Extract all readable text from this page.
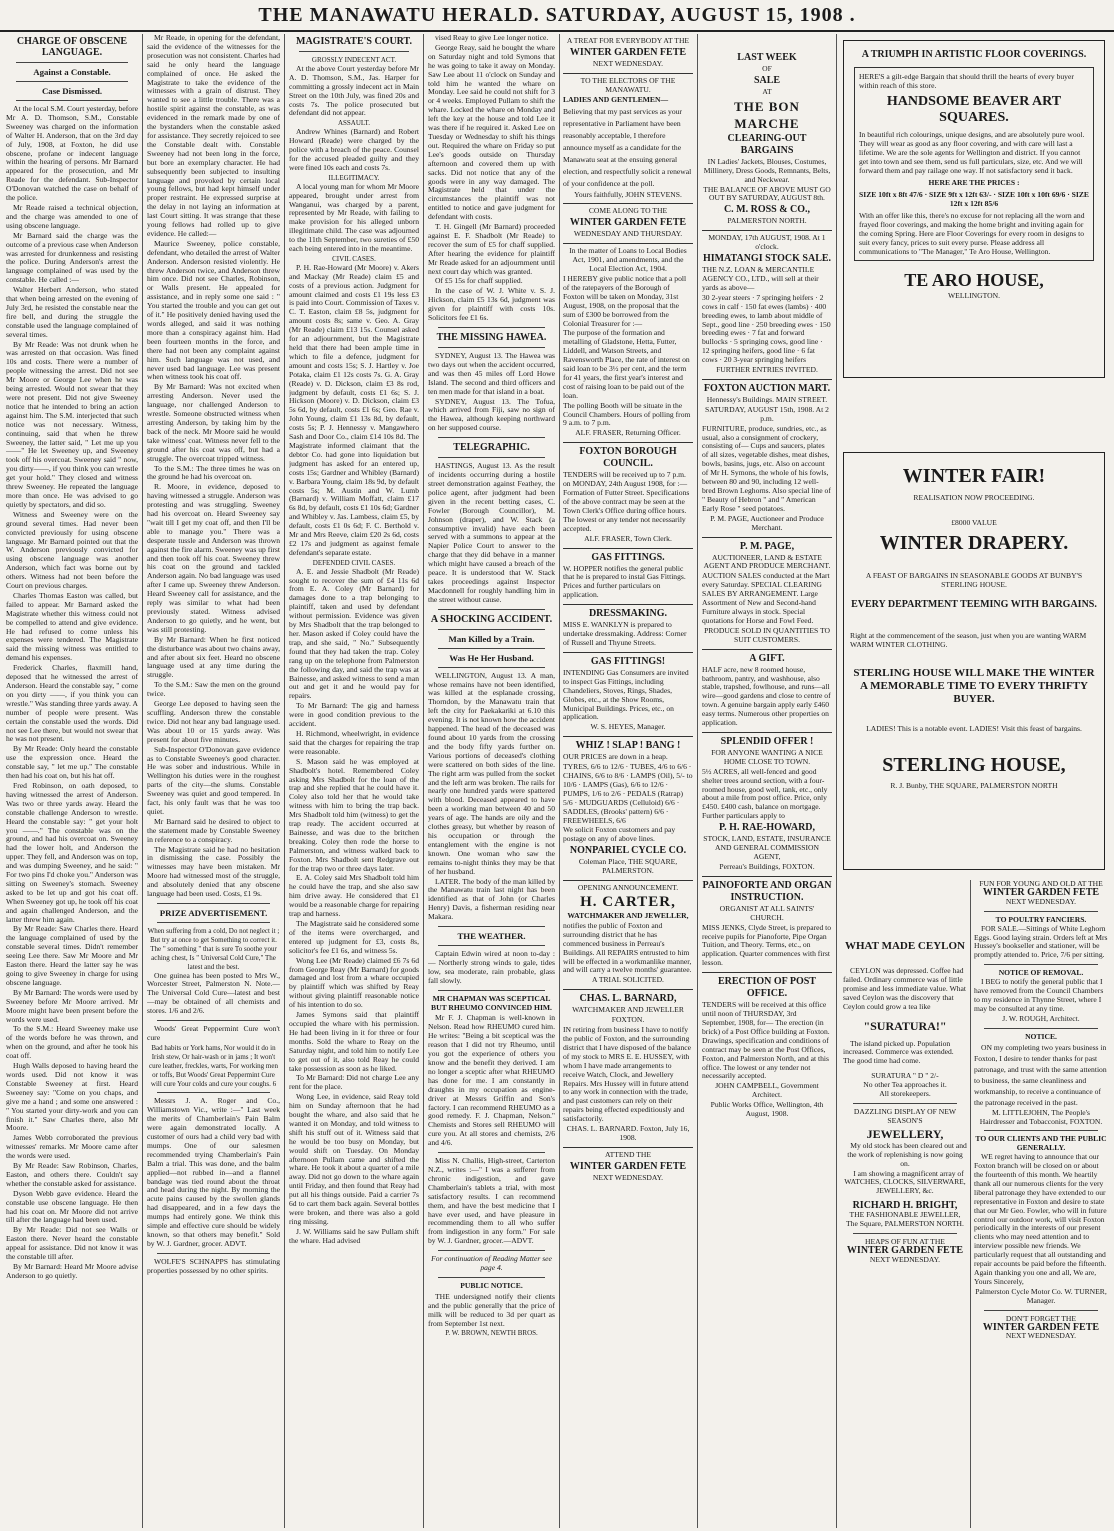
THE MANAWATU HERALD. SATURDAY, AUGUST 15, 1908 .
CHARGE OF OBSCENE LANGUAGE.
Against a Constable.
Case Dismissed.

At the local S.M. Court yesterday, before Mr A. D. Thomson, S.M., Constable Sweeney was charged on the information of Walter H. Anderson, that on the 3rd day of July, 1908, at Foxton, he did use obscene, profane or indecent language within the hearing of persons. Mr Barnard appeared for the prosecution, and Mr Reade for the defendant. Sub-Inspector O'Donovan watched the case on behalf of the police.

Mr Reade raised a technical objection, and the charge was amended to one of using obscene language.

Mr Barnard said the charge was the outcome of a previous case when Anderson was arrested for drunkenness and resisting the police. During Anderson's arrest the language complained of was used by the constable. He called :—

Walter Herbert Anderson, who stated that when being arrested on the evening of July 3rd, he resisted the constable near the fire bell, and during the struggle the constable used the language complained of several times.

By Mr Reade: Was not drunk when he was arrested on that occasion. Was fined 10s and costs. There were a number of people witnessing the arrest. Did not see Mr Moore or George Lee when he was being arrested. Would not swear that they were not present. Did not give Sweeney notice that he intended to bring an action against him. The S.M. interjected that such notice was not necessary. Witness, continuing, said that when he threw Sweeney, the latter said, " Let me up you ——" He let Sweeney up, and Sweeney took off his overcoat. Sweeney said " now, you dirty——, if you think you can wrestle get your hold." They closed and witness threw Sweeney. He repeated the language more than once. He was advised to go quietly by spectators, and did so.

Witness and Sweeney were on the ground several times. Had never been convicted previously for using obscene language. Mr Barnard pointed out that the W. Anderson previously convicted for using obscene language was another Anderson, which fact was borne out by others. Witness had not been before the Court on previous charges.

Charles Thomas Easton was called, but failed to appear. Mr Barnard asked the Magistrate whether this witness could not be compelled to attend and give evidence. He had refused to come unless his expenses were tendered. The Magistrate said the missing witness was entitled to demand his expenses.

Frederick Charles, flaxmill hand, deposed that he witnessed the arrest of Anderson. Heard the constable say, " come on you dirty ——, if you think you can wrestle." Was standing three yards away. A number of people were present. Was certain the constable used the words. Did not see Lee there, but would not swear that he was not present.

By Mr Reade: Only heard the constable use the expression once. Heard the constable say, " let me up." The constable then had his coat on, but his hat off.

Fred Robinson, on oath deposed, to having witnessed the arrest of Anderson. Was two or three yards away. Heard the constable challenge Anderson to wrestle. Heard the constable say: " get your holt you ——." The constable was on the ground, and had his overcoat on. Sweeney had the lower holt, and Anderson the upper. They fell, and Anderson was on top, and was dumping Sweeney, and he said: " For two pins I'd choke you." Anderson was sitting on Sweeney's stomach. Sweeney asked to be let up and got his coat off. When Sweeney got up, he took off his coat and again challenged Anderson, and the latter threw him again.

By Mr Reade: Saw Charles there. Heard the language complained of used by the constable several times. Didn't remember seeing Lee there. Saw Mr Moore and Mr Easton there. Heard the latter say he was going to give Sweeney in charge for using obscene language.

By Mr Barnard: The words were used by Sweeney before Mr Moore arrived. Mr Moore might have been present before the words were used.

To the S.M.: Heard Sweeney make use of the words before he was thrown, and when on the ground, and after he took his coat off.

Hugh Walls deposed to having heard the words used. Did not know it was Constable Sweeney at first. Heard Sweeney say: "Come on you chaps, and give me a hand ; and some one answered : " You started your dirty-work and you can finish it." Saw Charles there, also Mr Moore.

James Webb corroborated the previous witnesses' remarks. Mr Moore came after the words were used.

By Mr Reade: Saw Robinson, Charles, Easton, and others there. Couldn't say whether the constable asked for assistance.

Dyson Webb gave evidence. Heard the constable use obscene language. He then had his coat on. Mr Moore did not arrive till after the language had been used.

By Mr Reade: Did not see Walls or Easton there. Never heard the constable appeal for assistance. Did not know it was the constable till after.

By Mr Barnard: Heard Mr Moore advise Anderson to go quietly.

Mr Reade, in opening for the defendant, said the evidence of the witnesses for the prosecution was not consistent. Charles had said he only heard the language complained of once. He asked the Magistrate to take the evidence of the witnesses with a grain of distrust. They wanted to see a little trouble. There was a hostile spirit against the constable, as was evidenced in the remark made by one of the bystanders when the constable asked for assistance. They secretly rejoiced to see the Constable dealt with. Constable Sweeney had not been long in the force, but bore an exemplary character. He had subsequently been subjected to insulting language and provoked by certain local young fellows, but had kept himself under proper restraint. He expressed surprise at the delay in not laying an information at last Court sitting. It was strange that these young fellows had rolled up to give evidence. He called:—

Maurice Sweeney, police constable, defendant, who detailed the arrest of Walter Anderson. Anderson resisted violently. He threw Anderson twice, and Anderson threw him once. Did not see Charles, Robinson, or Walls present. He appealed for assistance, and in reply some one said : " You started the trouble and you can get out of it." He positively denied having used the words alleged, and said it was nothing more than a conspiracy against him. Had been fourteen months in the force, and there had not been any complaint against him. Such language was not used, and never used bad language. Lee was present when witness took his coat off.

By Mr Barnard: Was not excited when arresting Anderson. Never used the language, nor challenged Anderson to wrestle. Someone obstructed witness when arresting Anderson, by taking him by the back of the neck. Mr Moore said he would take witness' coat. Witness never fell to the ground after his coat was off, but had a struggle. The overcoat tripped witness.

To the S.M.: The three times he was on the ground he had his overcoat on.

R. Moore, in evidence, deposed to having witnessed a struggle. Anderson was protesting and was struggling. Sweeney had his overcoat on. Heard Sweeney say "wait till I get my coat off, and then I'll be able to manage you." There was a desperate tussle and Anderson was thrown against the fire alarm. Sweeney was up first and then took off his coat. Sweeney threw his coat on the ground and tackled Anderson again. No bad language was used after I came up. Sweeney threw Anderson. Heard Sweeney call for assistance, and the reply was similar to what had been previously stated. Witness advised Anderson to go quietly, and he went, but was still protesting.

By Mr Barnard: When he first noticed the disturbance was about two chains away, and after about six feet. Heard no obscene language used at any time during the struggle.

To the S.M.: Saw the men on the ground twice.

George Lee deposed to having seen the scuffling. Anderson threw the constable twice. Did not hear any bad language used. Was about 10 or 15 yards away. Was present for about five minutes.

Sub-Inspector O'Donovan gave evidence as to Constable Sweeney's good character. He was sober and industrious. While in Wellington his duties were in the roughest parts of the city—the slums. Constable Sweeney was quiet and good tempered. In fact, his only fault was that he was too quiet.

Mr Barnard said he desired to object to the statement made by Constable Sweeney in reference to a conspiracy.

The Magistrate said he had no hesitation in dismissing the case. Possibly the witnesses may have been mistaken. Mr Moore had witnessed most of the struggle, and absolutely denied that any obscene language had been used. Costs, £1 9s.

PRIZE ADVERTISEMENT.
When suffering from a cold, Do not neglect it ; But try at once to get Something to correct it. The " something " that is sure To soothe your aching chest, Is " Universal Cold Cure," The latest and the best.

One guinea has been posted to Mrs W., Worcester Street, Palmerston N. Note.—The Universal Cold Cure—latest and best—may be obtained of all chemists and stores. 1/6 and 2/6.

Woods' Great Peppermint Cure won't cure

Bad habits or York hams, Nor would it do in Irish stew, Or hair-wash or in jams ; It won't cure leather, freckles, warts, For working men or toffs, But Woods' Great Peppermint Cure will cure Your colds and cure your coughs. 6

Messrs J. A. Roger and Co., Williamstown Vic., write :—" Last week the merits of Chamberlain's Pain Balm were again demonstrated locally. A customer of ours had a child very bad with mumps. One of our salesmen recommended trying Chamberlain's Pain Balm a trial. This was done, and the balm applied—not rubbed in—and a flannel bandage was tied round about the throat and head during the night. By morning the acute pains caused by the swollen glands had disappeared, and in a few days the mumps had entirely gone. We think this simple and effective cure should be widely known, so that others may benefit." Sold by W. J. Gardner, grocer. ADVT.

WOLFE'S SCHNAPPS has stimulating properties possessed by no other spirits.

MAGISTRATE'S COURT.
GROSSLY INDECENT ACT.

At the above Court yesterday before Mr A. D. Thomson, S.M., Jas. Harper for committing a grossly indecent act in Main Street on the 10th July, was fined 20s and costs 7s. The police prosecuted but defendant did not appear.

ASSAULT.

Andrew Whines (Barnard) and Robert Howard (Reade) were charged by the police with a breach of the peace. Counsel for the accused pleaded guilty and they were fined 10s each and costs 7s.

ILLEGITIMACY.

A local young man for whom Mr Moore appeared, brought under arrest from Wanganui, was charged by a parent, represented by Mr Reade, with failing to make provision for his alleged unborn illegitimate child. The case was adjourned to the 11th September, two sureties of £50 each being entered into in the meantime.

CIVIL CASES.

P. H. Rae-Howard (Mr Moore) v. Akers and Mackay (Mr Reade) claim £5 and costs of a previous action. Judgment for amount claimed and costs £1 19s less £3 is paid into Court. Commission of Taxes v. C. T. Easton, claim £8 5s, judgment for amount costs 8s; same v. Geo. A. Gray (Mr Reade) claim £13 15s. Counsel asked for an adjournment, but the Magistrate held that there had been ample time in which to file a defence, judgment for amount and costs 15s; S. J. Hartley v. Joe Potaka, claim £1 12s costs 7s. G. A. Gray (Reade) v. D. Dickson, claim £3 8s rod, judgment by default, costs £1 6s; S. J. Hickson (Moore) v. D. Dickson, claim £3 5s 6d, by default, costs £1 6s; Geo. Rae v. John Young, claim £1 13s 8d, by default, costs 5s; P. J. Hennessy v. Mangawhero Sash and Door Co., claim £14 10s 8d. The Magistrate informed claimant that the debtor Co. had gone into liquidation but judgment has asked for an entered up, costs 15s; Gardner and Whibley (Barnard) v. Barbara Young, claim 18s 9d, by default costs 5s; M. Austin and W. Lumb (Barnard) v. William Moffatt, claim £17 6s 8d, by default, costs £1 10s 6d; Gardner and Whibley v. Jas. Lambess, claim £5, by default, costs £1 0s 6d; F. C. Berthold v. Mr and Mrs Reeve, claim £20 2s 6d, costs £2 17s and judgment as against female defendant's separate estate.

DEFENDED CIVIL CASES.

A. E. and Jessie Shadbolt (Mr Reade) sought to recover the sum of £4 11s 6d from E. A. Coley (Mr Barnard) for damages done to a trap belonging to plaintiff, taken and used by defendant without permission. Evidence was given by Mrs Shadbolt that the trap belonged to her. Mason asked if Coley could have the trap, and she said, " No." Subsequently found that they had taken the trap. Coley rang up on the telephone from Palmerston the following day, and said the trap was at Bainesse, and asked witness to send a man out and get it and he would pay for repairs.

To Mr Barnard: The gig and harness were in good condition previous to the accident.

H. Richmond, wheelwright, in evidence said that the charges for repairing the trap were reasonable.

S. Mason said he was employed at Shadbolt's hotel. Remembered Coley asking Mrs Shadbolt for the loan of the trap and she replied that he could have it. Coley also told her that he would take witness with him to bring the trap back. Mrs Shadbolt told him (witness) to get the trap ready. The accident occurred at Bainesse, and was due to the britchen breaking. Coley then rode the horse to Palmerston, and witness walked back to Foxton. Mrs Shadbolt sent Redgrave out for the trap two or three days later.

E. A. Coley said Mrs Shadbolt told him he could have the trap, and she also saw him drive away. He considered that £1 would be a reasonable charge for repairing trap and harness.

The Magistrate said he considered some of the items were overcharged, and entered up judgment for £3, costs 8s, solicitor's fee £1 6s, and witness 5s.

Wong Lee (Mr Reade) claimed £6 7s 6d from George Reay (Mr Barnard) for goods damaged and lost from a whare occupied by plaintiff which was shifted by Reay without giving plaintiff reasonable notice of his intention to do so.

James Symons said that plaintiff occupied the whare with his permission. He had been living in it for three or four months. Sold the whare to Reay on the Saturday night, and told him to notify Lee to get out of it, also told Reay he could take possession as soon as he liked.

To Mr Barnard: Did not charge Lee any rent for the place.

Wong Lee, in evidence, said Reay told him on Sunday afternoon that he had bought the whare, and also said that he wanted it on Monday, and told witness to shift his stuff out of it. Witness said that he would be too busy on Monday, but would shift on Tuesday. On Monday afternoon Pullam came and shifted the whare. He took it about a quarter of a mile away. Did not go down to the whare again until Friday, and then found that Reay had put all his things outside. Paid a carrier 7s 6d to cart them back again. Several bottles were broken, and there was also a gold ring missing.

J. W. Williams said he saw Pullam shift the whare. Had advised

vised Reay to give Lee longer notice.

George Reay, said he bought the whare on Saturday night and told Symons that he was going to take it away on Monday. Saw Lee about 11 o'clock on Sunday and told him he wanted the whare on Monday. Lee said he could not shift for 3 or 4 weeks. Employed Pullam to shift the whare. Locked the whare on Monday and left the key at the house and told Lee it was there if he required it. Asked Lee on Tuesday or Wednesday to shift his things out. Required the whare on Friday so put Lee's goods outside on Thursday afternoon and covered them up with sacks. Did not notice that any of the goods were in any way damaged. The Magistrate held that under the circumstances the plaintiff was not entitled to notice and gave judgment for defendant with costs.

T. H. Gingell (Mr Barnard) proceeded against E. F. Shadbolt (Mr Reade) to recover the sum of £5 for chaff supplied. After hearing the evidence for plaintiff Mr Reade asked for an adjournment until next court day which was granted.

Of £5 15s for chaff supplied.

In the case of W. J. White v. S. J. Hickson, claim £5 13s 6d, judgment was given for plaintiff with costs 10s. Solicitors fee £1 6s.

THE MISSING HAWEA.

SYDNEY, August 13. The Hawea was two days out when the accident occurred, and was then 45 miles off Lord Howe Island. The second and third officers and ten men made for that island in a boat.

SYDNEY, August 13. The Tofua, which arrived from Fiji, saw no sign of the Hawea, although keeping northward on her supposed course.

TELEGRAPHIC.

HASTINGS, August 13. As the result of incidents occurring during a hostile street demonstration against Feathey, the police agent, after judgment had been given in the recent betting cases, C. Fowler (Borough Councillor), M. Johnson (draper), and W. Stack (a consumptive invalid) have each been served with a summons to appear at the Napier Police Court to answer to the charge that they did behave in a manner which might have caused a breach of the peace. It is understood that W. Stack takes proceedings against Inspector Macdonnell for roughly handling him in the street without cause.

A SHOCKING ACCIDENT.
Man Killed by a Train.
Was He Her Husband.

WELLINGTON, August 13. A man, whose remains have not been identified, was killed at the esplanade crossing, Thorndon, by the Manawatu train that left the city for Paekakariki at 6.10 this evening. It is not known how the accident happened. The head of the deceased was found about 10 yards from the crossing and the body fifty yards further on. Various portions of deceased's clothing were scattered on both sides of the line. The right arm was pulled from the socket and the left arm was broken. The rails for nearly one hundred yards were spattered with blood. Deceased appeared to have been a working man between 40 and 50 years of age. The hands are oily and the clothes greasy, but whether by reason of his occupation or through the entanglement with the engine is not known. One woman who saw the remains to-night thinks they may be that of her husband.

LATER. The body of the man killed by the Manawatu train last night has been identified as that of John (or Charles Henry) Davis, a fisherman residing near Makara.

THE WEATHER.

Captain Edwin wired at noon to-day :— Northerly strong winds to gale, tides low, sea moderate, rain probable, glass fall slowly.

MR CHAPMAN WAS SCEPTICAL BUT RHEUMO CONVINCED HIM.

Mr F. J. Chapman is well-known in Nelson. Read how RHEUMO cured him. He writes: "Being a bit sceptical was the reason that I did not try Rheumo, until you got the experience of others you know and the benefit they derived. I am no longer a sceptic after what RHEUMO has done for me. I am constantly in draughts in my occupation as engine-driver at Messrs Griffin and Son's factory. I can recommend RHEUMO as a good remedy. F. J. Chapman, Nelson." Chemists and Stores sell RHEUMO will cure you. At all stores and chemists, 2/6 and 4/6.

Miss N. Challis, High-street, Carterton N.Z., writes :—" I was a sufferer from chronic indigestion, and gave Chamberlain's tablets a trial, with most satisfactory results. I can recommend them, and have the best medicine that I have ever used, and have pleasure in recommending them to all who suffer from indigestion in any form." For sale by W. J. Gardner, grocer.—ADVT.

For continuation of Reading Matter see page 4.
PUBLIC NOTICE.

THE undersigned notify their clients and the public generally that the price of milk will be reduced to 3d per quart as from September 1st next.

P. W. BROWN, NEWTH BROS.

A TREAT FOR EVERYBODY AT THE

WINTER GARDEN FETE

NEXT WEDNESDAY.

TO THE ELECTORS OF THE MANAWATU.

LADIES AND GENTLEMEN—

Believing that my past services as your representative in Parliament have been reasonably acceptable, I therefore announce myself as a candidate for the Manawatu seat at the ensuing general election, and respectfully solicit a renewal of your confidence at the poll.

Yours faithfully, JOHN STEVENS.

COME ALONG TO THE

WINTER GARDEN FETE

WEDNESDAY AND THURSDAY.

In the matter of Loans to Local Bodies Act, 1901, and amendments, and the Local Election Act, 1904.

I HEREBY give public notice that a poll of the ratepayers of the Borough of Foxton will be taken on Monday, 31st August, 1908, on the proposal that the sum of £300 be borrowed from the Colonial Treasurer for :—

The purpose of the formation and metalling of Gladstone, Hetta, Futter, Liddell, and Watson Streets, and Ravensworth Place, the rate of interest on said loan to be 3½ per cent, and the term for 41 years, the first year's interest and cost of raising loan to be paid out of the loan.

The polling Booth will be situate in the Council Chambers. Hours of polling from 9 a.m. to 7 p.m.

ALF. FRASER, Returning Officer.

FOXTON BOROUGH COUNCIL.

TENDERS will be received up to 7 p.m. on MONDAY, 24th August 1908, for :— Formation of Futter Street. Specifications of the above contract may be seen at the Town Clerk's Office during office hours. The lowest or any tender not necessarily accepted.

ALF. FRASER, Town Clerk.

GAS FITTINGS.

W. HOPPER notifies the general public that he is prepared to instal Gas Fittings. Prices and further particulars on application.

DRESSMAKING.

MISS E. WANKLYN is prepared to undertake dressmaking. Address: Corner of Russell and Thyune Streets.

GAS FITTINGS!

INTENDING Gas Consumers are invited to inspect Gas Fittings, including Chandeliers, Stoves, Rings, Shades, Globes, etc., at the Show Rooms, Municipal Buildings. Prices, etc., on application.

W. S. HEYES, Manager.

WHIZ ! SLAP ! BANG !

OUR PRICES are down in a heap.

TYRES, 6/6 to 12/6 · TUBES, 4/6 to 6/6 · CHAINS, 6/6 to 8/6 · LAMPS (Oil), 5/- to 10/6 · LAMPS (Gas), 6/6 to 12/6 · PUMPS, 1/6 to 2/6 · PEDALS (Ratrap) 5/6 · MUDGUARDS (Celluloid) 6/6 · SADDLES, (Brooks' pattern) 6/6 · FREEWHEELS, 6/6

We solicit Foxton customers and pay postage on any of above lines.

NONPARIEL CYCLE CO.

Coleman Place, THE SQUARE, PALMERSTON.

OPENING ANNOUNCEMENT.

H. CARTER,

WATCHMAKER AND JEWELLER,

notifies the public of Foxton and surrounding district that he has commenced business in Perreau's Buildings. All REPAIRS entrusted to him will be effected in a workmanlike manner, and will carry a twelve months' guarantee.

A TRIAL SOLICITED.

CHAS. L. BARNARD,

WATCHMAKER AND JEWELLER

FOXTON.

IN retiring from business I have to notify the public of Foxton, and the surrounding district that I have disposed of the balance of my stock to MRS E. E. HUSSEY, with whom I have made arrangements to receive Watch, Clock, and Jewellery Repairs. Mrs Hussey will in future attend to any work in connection with the trade, and past customers can rely on their repairs being effected expeditiously and satisfactorily.

CHAS. L. BARNARD. Foxton, July 16, 1908.

ATTEND THE

WINTER GARDEN FETE

NEXT WEDNESDAY.

LAST WEEK

OF

SALE

AT

THE BON MARCHE

CLEARING-OUT BARGAINS

IN Ladies' Jackets, Blouses, Costumes, Millinery, Dress Goods, Remnants, Belts, and Neckwear.

THE BALANCE OF ABOVE MUST GO OUT BY SATURDAY, AUGUST 8th.

C. M. ROSS & CO.,

PALMERSTON NORTH.

MONDAY, 17th AUGUST, 1908. At 1 o'clock.

HIMATANGI STOCK SALE.

THE N.Z. LOAN & MERCANTILE AGENCY CO., LTD., will sell at their yards as above—

30 2-year steers · 7 springing heifers · 2 cows in calf · 150 fat ewes (lambs) · 400 breeding ewes, to lamb about middle of Sept., good line · 250 breeding ewes · 150 breeding ewes · 7 fat and forward bullocks · 5 springing cows, good line · 12 springing heifers, good line · 6 fat cows · 20 3-year springing heifers

FURTHER ENTRIES INVITED.

FOXTON AUCTION MART.

Hennessy's Buildings. MAIN STREET.

SATURDAY, AUGUST 15th, 1908. At 2 p.m.

FURNITURE, produce, sundries, etc., as usual, also a consignment of crockery, consisting of— Cups and saucers, plates of all sizes, vegetable dishes, meat dishes, bowls, basins, jugs, etc. Also on account of Mr H. Symons, the whole of his fowls, between 80 and 90, including 12 well-bred Brown Leghorns. Also special line of " Beauty of Hebron " and " American Early Rose " seed potatoes.

P. M. PAGE, Auctioneer and Produce Merchant.

P. M. PAGE,

AUCTIONEER, LAND & ESTATE AGENT AND PRODUCE MERCHANT.

AUCTION SALES conducted at the Mart every Saturday. SPECIAL CLEARING SALES BY ARRANGEMENT. Large Assortment of New and Second-hand Furniture always in stock. Special quotations for Horse and Fowl Feed.

PRODUCE SOLD IN QUANTITIES TO SUIT CUSTOMERS.

A GIFT.

HALF acre, new 8 roomed house, bathroom, pantry, and washhouse, also stable, trapshed, fowlhouse, and runs—all wire—good gardens and close to centre of town. A genuine bargain apply early £460 easy terms. Numerous other properties on application.

SPLENDID OFFER !

FOR ANYONE WANTING A NICE HOME CLOSE TO TOWN.

5½ ACRES, all well-fenced and good shelter trees around section, with a four-roomed house, good well, tank, etc., only about a mile from post office. Price, only £450. £400 cash, balance on mortgage. Further particulars apply to

P. H. RAE-HOWARD,

STOCK, LAND, ESTATE, INSURANCE AND GENERAL COMMISSION AGENT,

Perreau's Buildings, FOXTON.

PAINOFORTE AND ORGAN INSTRUCTION.

ORGANIST AT ALL SAINTS' CHURCH.

MISS JENKS, Clyde Street, is prepared to receive pupils for Pianoforte, Pipe Organ Tuition, and Theory. Terms, etc., on application. Quarter commences with first lesson.

ERECTION OF POST OFFICE.

TENDERS will be received at this office until noon of THURSDAY, 3rd September, 1908, for— The erection (in brick) of a Post Office building at Foxton. Drawings, specification and conditions of contract may be seen at the Post Offices, Foxton, and Palmerston North, and at this office. The lowest or any tender not necessarily accepted.

JOHN CAMPBELL, Government Architect.

Public Works Office, Wellington, 4th August, 1908.

A TRIUMPH IN ARTISTIC FLOOR COVERINGS.
HERE'S a gilt-edge Bargain that should thrill the hearts of every buyer within reach of this store.
HANDSOME BEAVER ART SQUARES.
In beautiful rich colourings, unique designs, and are absolutely pure wool. They will wear as good as any floor covering, and with care will last a lifetime. We are the sole agents for Wellington and district. If you cannot get into town and see them, send us full particulars, size, etc. And we will forward them and pay railage one way. If not satisfactory send it back.
HERE ARE THE PRICES :
SIZE 10ft x 8ft 47/6 · SIZE 9ft x 12ft 63/- · SIZE 10ft x 10ft 69/6 · SIZE 12ft x 12ft 85/6
With an offer like this, there's no excuse for not replacing all the worn and frayed floor coverings, and making the home bright and inviting again for the coming Spring. Here are Floor Coverings for every room in designs to suit every fancy, prices to suit every purse. Please address all communications to "The Manager," Te Aro House, Wellington.
TE ARO HOUSE,
WELLINGTON.
WINTER FAIR!
REALISATION NOW PROCEEDING.
£8000 VALUE
WINTER DRAPERY.
A FEAST OF BARGAINS IN SEASONABLE GOODS AT BUNBY'S STERLING HOUSE.
EVERY DEPARTMENT TEEMING WITH BARGAINS.
Right at the commencement of the season, just when you are wanting WARM WARM WINTER CLOTHING.
STERLING HOUSE WILL MAKE THE WINTER A MEMORABLE TIME TO EVERY THRIFTY BUYER.
LADIES! This is a notable event. LADIES! Visit this feast of bargains.
STERLING HOUSE,
R. J. Bunby, THE SQUARE, PALMERSTON NORTH
WHAT MADE CEYLON

CEYLON was depressed. Coffee had failed. Ordinary commerce was of little promise and less immediate value. What saved Ceylon was the discovery that Ceylon could grow a tea like

"SURATURA!"

The island picked up. Population increased. Commerce was extended. The good time had come.

SURATURA " D " 2/-
No other Tea approaches it.
All storekeepers.
DAZZLING DISPLAY OF NEW SEASON'S
JEWELLERY,

My old stock has been cleared out and the work of replenishing is now going on.

I am showing a magnificent array of WATCHES, CLOCKS, SILVERWARE, JEWELLERY, &c.

RICHARD H. BRIGHT,
THE FASHIONABLE JEWELLER,
The Square, PALMERSTON NORTH.
HEAPS OF FUN AT THE
WINTER GARDEN FETE
NEXT WEDNESDAY.
FUN FOR YOUNG AND OLD AT THE
WINTER GARDEN FETE
NEXT WEDNESDAY.
TO POULTRY FANCIERS.

FOR SALE.—Sittings of White Leghorn Eggs. Good laying strain. Orders left at Mrs Hussey's bookseller and stationer, will be promptly attended to. Price, 7/6 per sitting.

NOTICE OF REMOVAL.

I BEG to notify the general public that I have removed from the Council Chambers to my residence in Thynne Street, where I may be consulted at any time.

J. W. ROUGH, Architect.
NOTICE.

ON my completing two years business in Foxton, I desire to tender thanks for past patronage, and trust with the same attention to business, the same cleanliness and workmanship, to receive a continuance of the patronage received in the past.

M. LITTLEJOHN, The People's Hairdresser and Tobacconist, FOXTON.
TO OUR CLIENTS AND THE PUBLIC GENERALLY.

WE regret having to announce that our Foxton branch will be closed on or about the fourteenth of this month. We heartily thank all our numerous clients for the very liberal patronage they have extended to our representative in Foxton and desire to state that our Mr Geo. Fowler, who will in future control our outdoor work, will visit Foxton periodically in the interests of our present clients who may need attention and to interview possible new friends. We particularly request that all outstanding and repair accounts be paid before the fifteenth. Again thanking you one and all, We are, Yours Sincerely,

Palmerston Cycle Motor Co. W. TURNER, Manager.
DON'T FORGET THE
WINTER GARDEN FETE
NEXT WEDNESDAY.
